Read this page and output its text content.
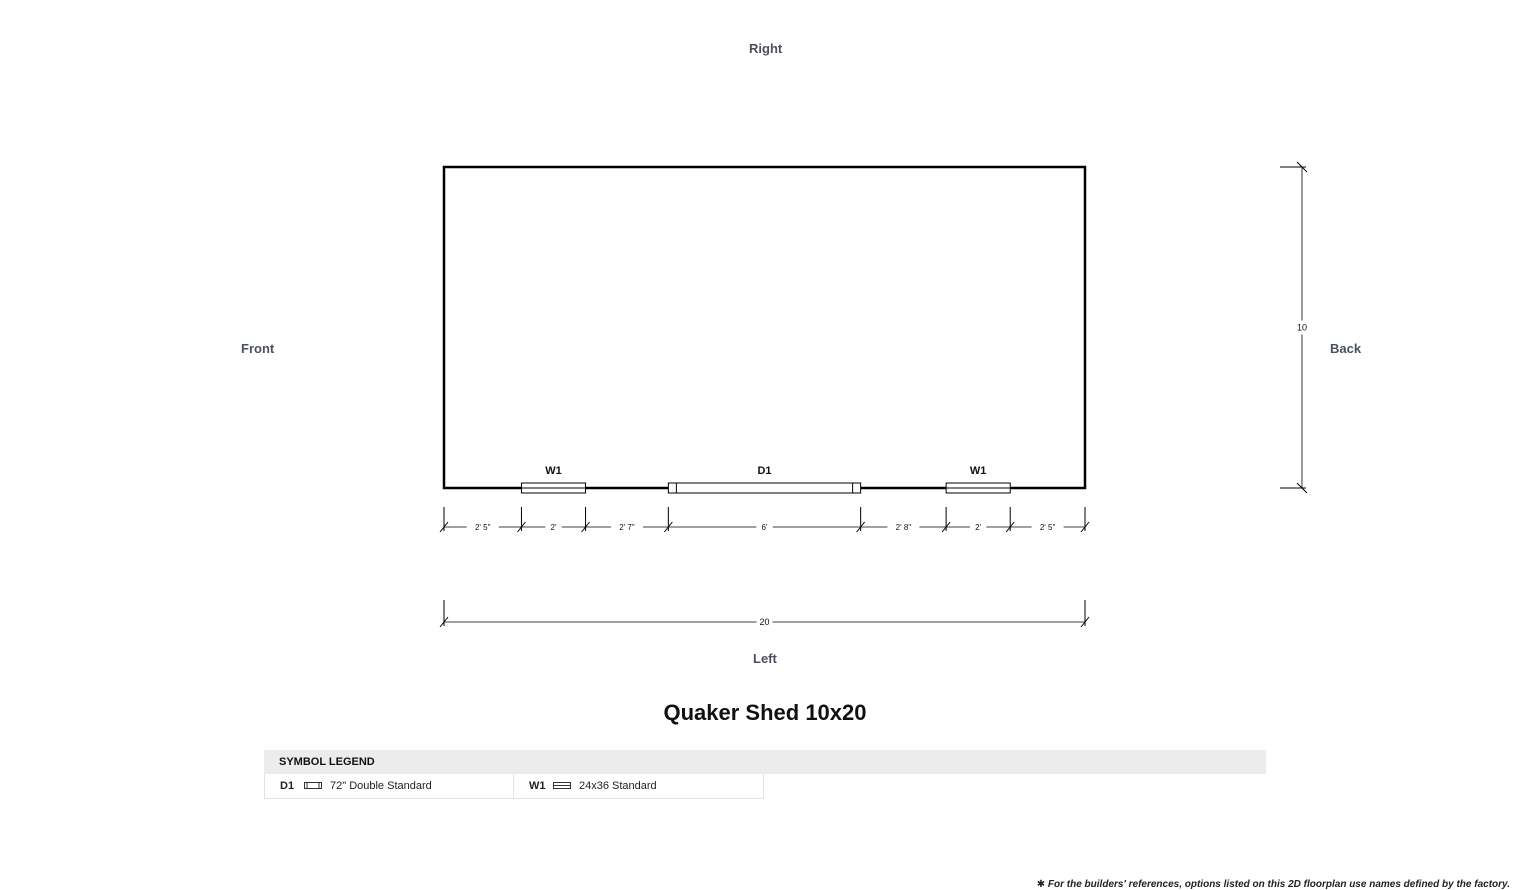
Right
Left
Front	Back
W1	D1	W1
2' 5"	2'	2' 7"	6'	2' 8"	2'	2' 5"
20
10
Quaker Shed 10x20
SYMBOL LEGEND
D1	72" Double Standard	W1	24x36 Standard
✱ For the builders' references, options listed on this 2D floorplan use names defined by the factory.
